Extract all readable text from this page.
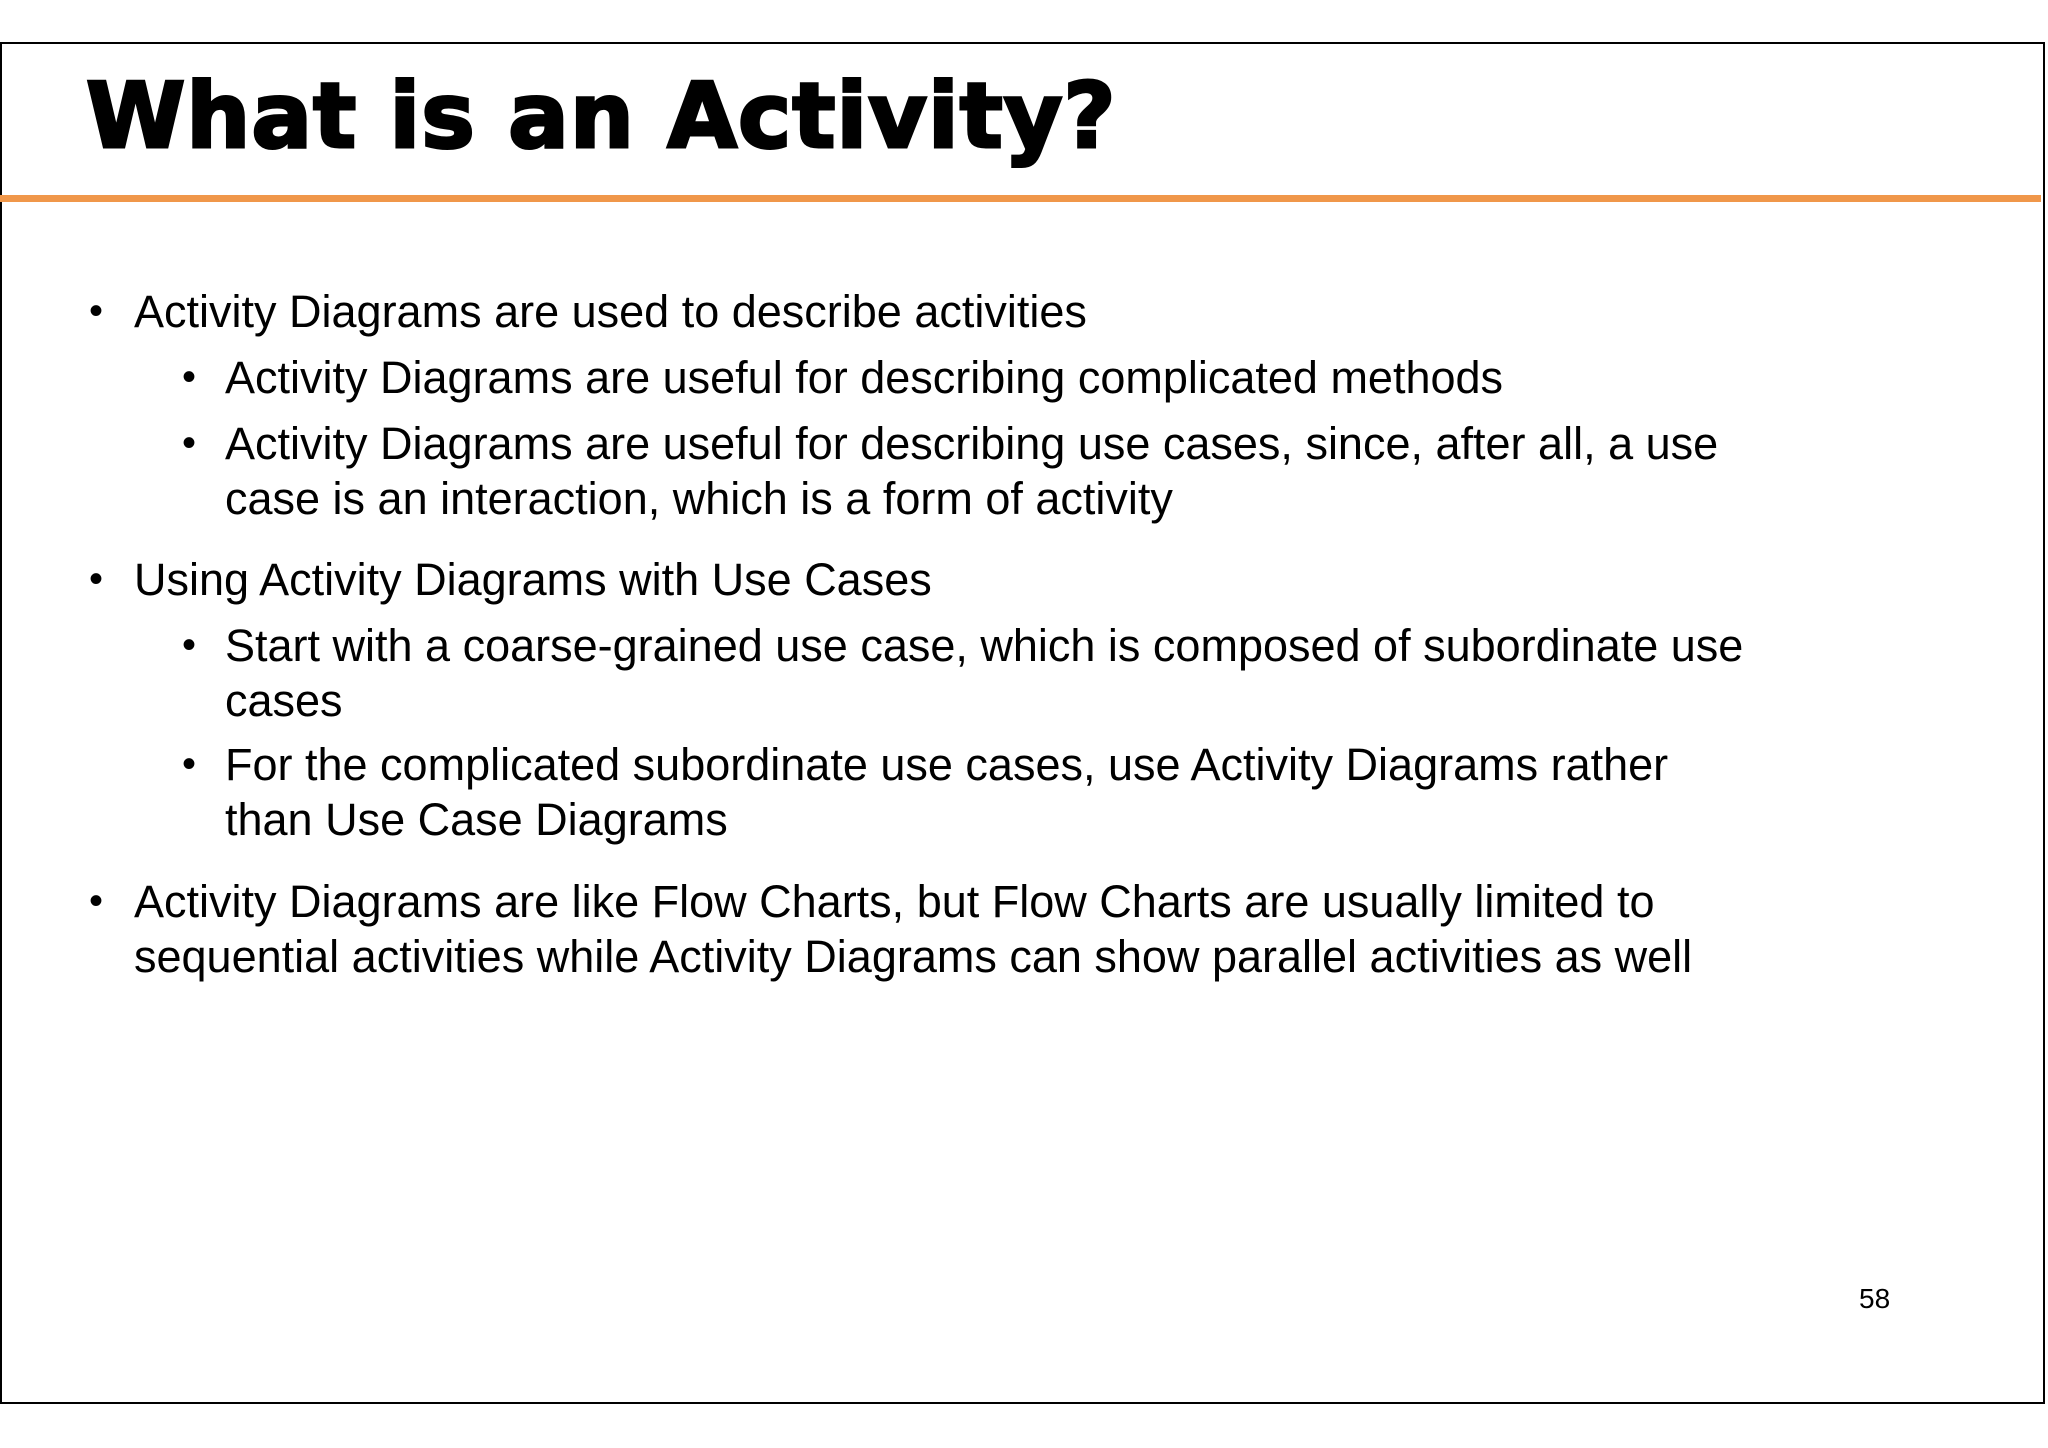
What is an Activity?
• Activity Diagrams are used to describe activities
• Activity Diagrams are useful for describing complicated methods
• Activity Diagrams are useful for describing use cases, since, after all, a use
case is an interaction, which is a form of activity
• Using Activity Diagrams with Use Cases
• Start with a coarse-grained use case, which is composed of subordinate use
cases
• For the complicated subordinate use cases, use Activity Diagrams rather
than Use Case Diagrams
• Activity Diagrams are like Flow Charts, but Flow Charts are usually limited to
sequential activities while Activity Diagrams can show parallel activities as well
58
